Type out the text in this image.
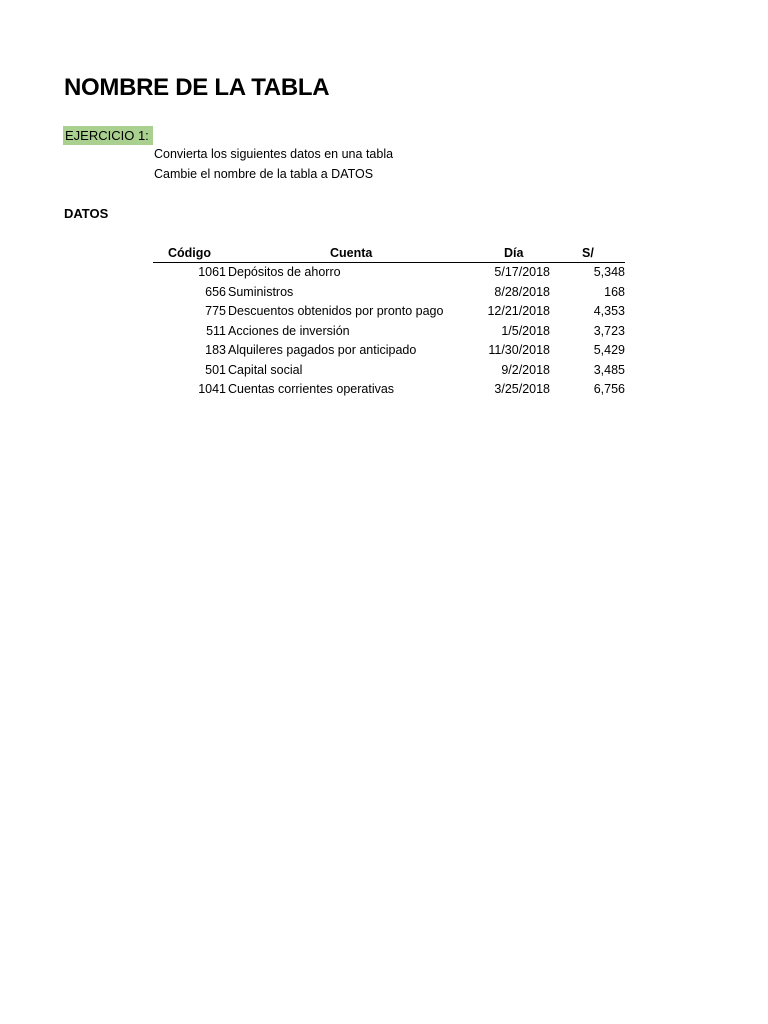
NOMBRE DE LA TABLA
EJERCICIO 1:
Convierta los siguientes datos en una tabla
Cambie el nombre de la tabla a DATOS
DATOS
Código	Cuenta	Día	S/
1061 Depósitos de ahorro	5/17/2018	5,348
656 Suministros	8/28/2018	168
775 Descuentos obtenidos por pronto pago	12/21/2018	4,353
511 Acciones de inversión	1/5/2018	3,723
183 Alquileres pagados por anticipado	11/30/2018	5,429
501 Capital social	9/2/2018	3,485
1041 Cuentas corrientes operativas	3/25/2018	6,756
